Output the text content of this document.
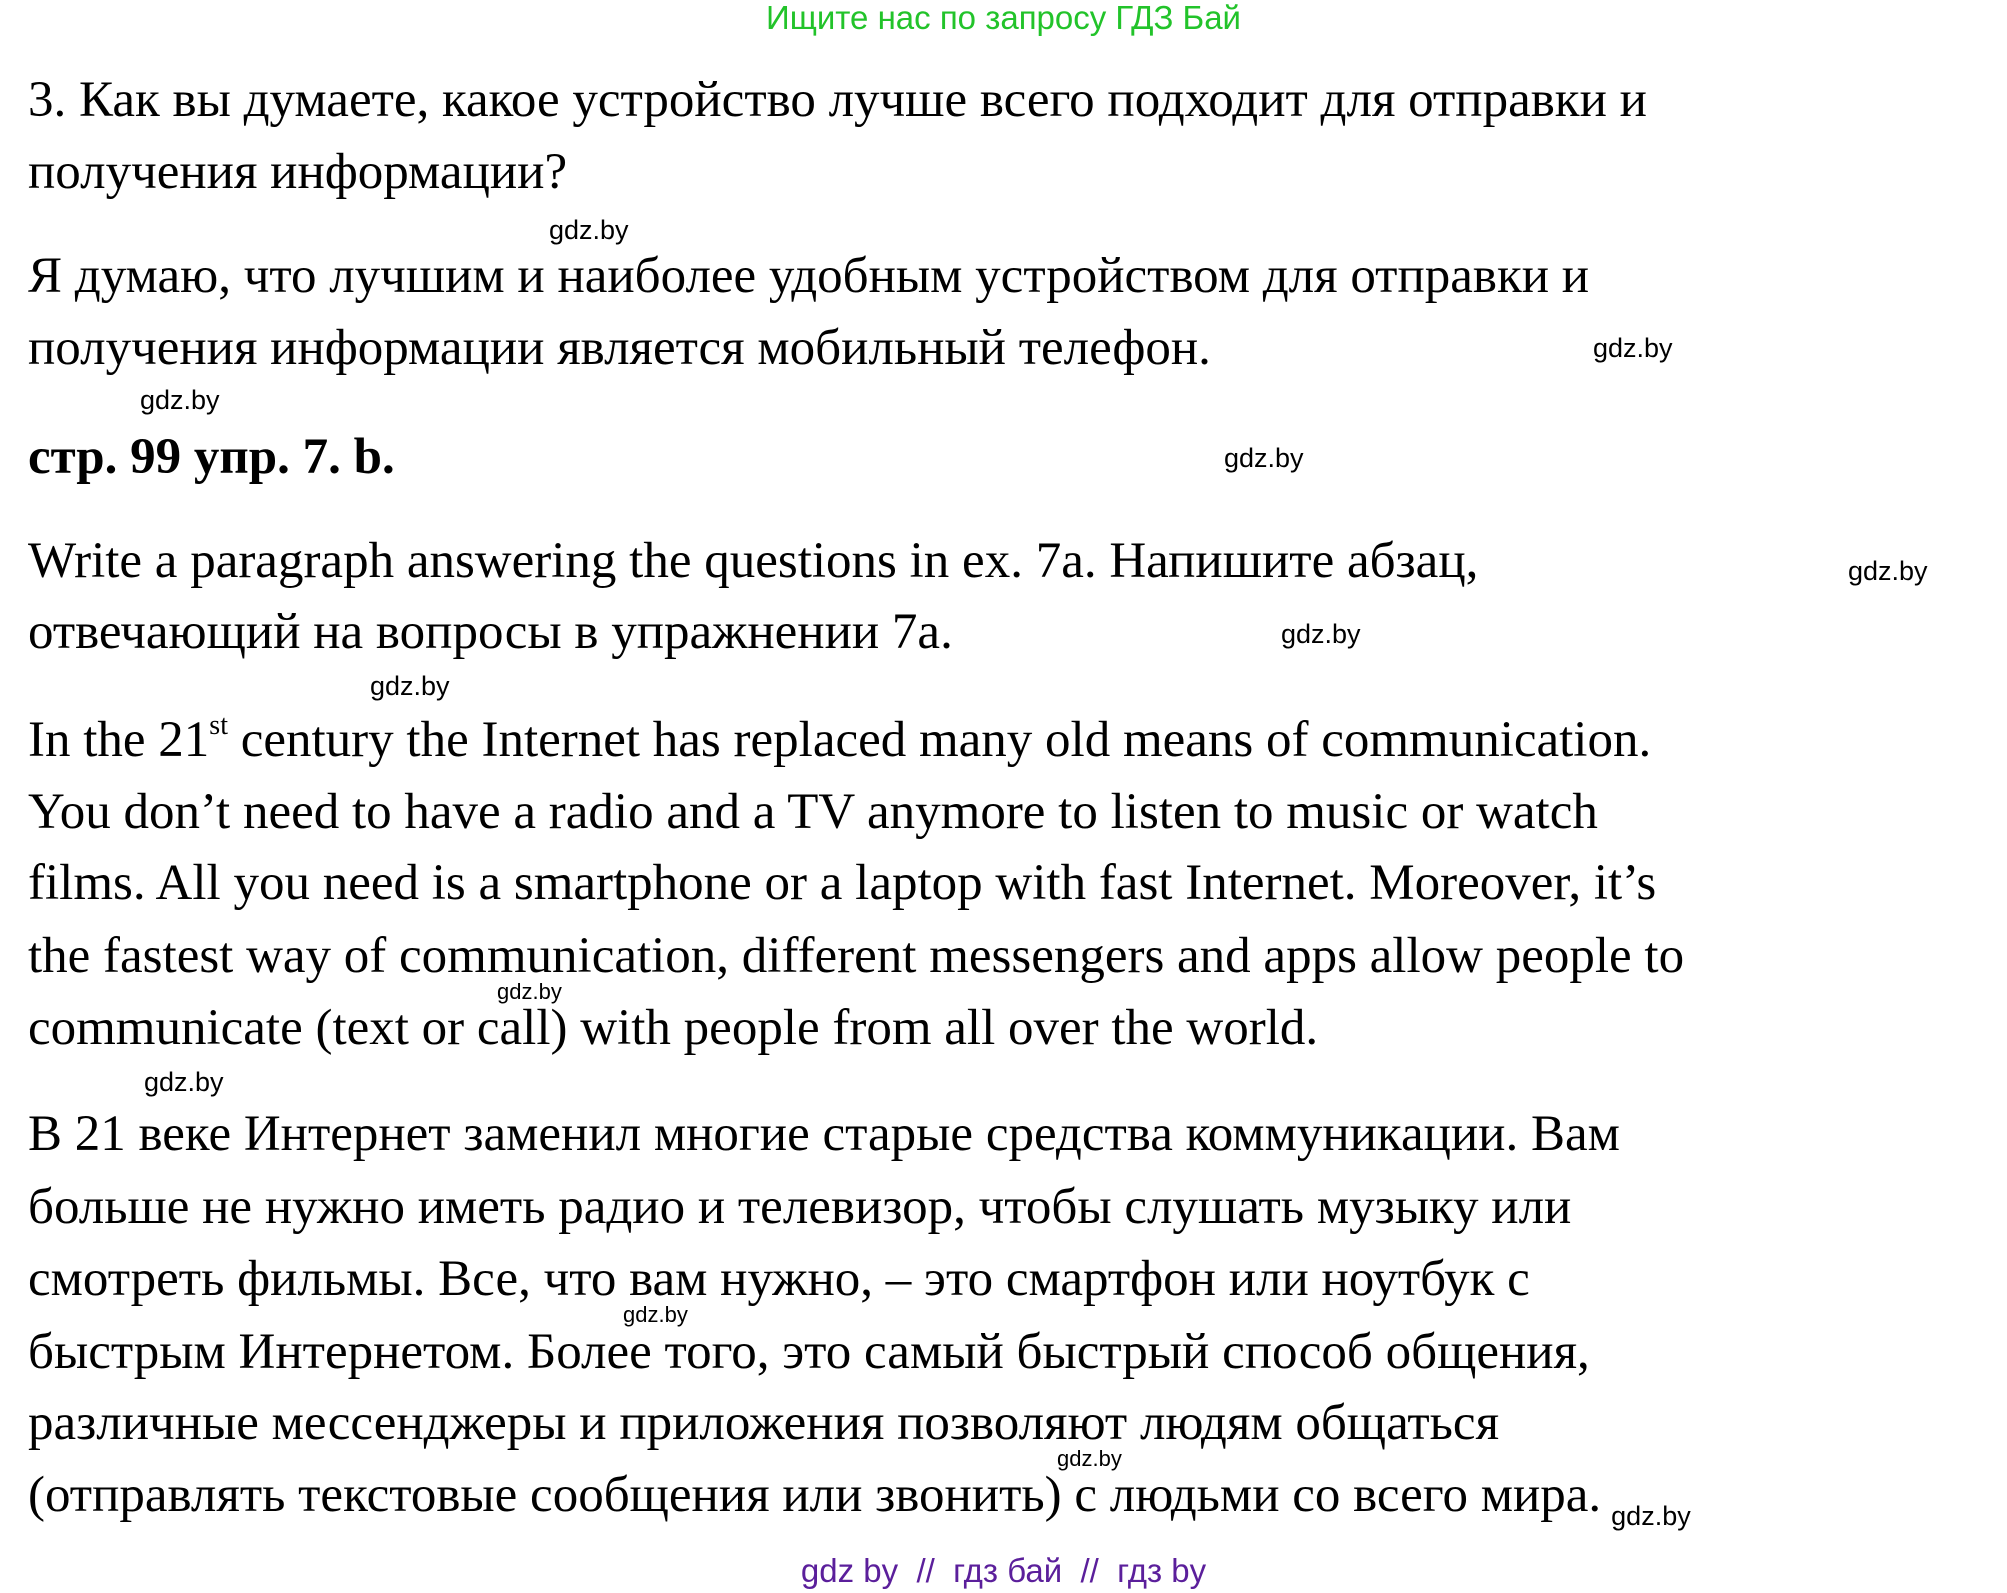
Ищите нас по запросу ГДЗ Бай
3. Как вы думаете, какое устройство лучше всего подходит для отправки и
получения информации?
Я думаю, что лучшим и наиболее удобным устройством для отправки и
получения информации является мобильный телефон.
стр. 99 упр. 7. b.
Write a paragraph answering the questions in ex. 7a. Напишите абзац,
отвечающий на вопросы в упражнении 7а.
In the 21st century the Internet has replaced many old means of communication.
You don’t need to have a radio and a TV anymore to listen to music or watch
films. All you need is a smartphone or a laptop with fast Internet. Moreover, it’s
the fastest way of communication, different messengers and apps allow people to
communicate (text or call) with people from all over the world.
В 21 веке Интернет заменил многие старые средства коммуникации. Вам
больше не нужно иметь радио и телевизор, чтобы слушать музыку или
смотреть фильмы. Все, что вам нужно, – это смартфон или ноутбук с
быстрым Интернетом. Более того, это самый быстрый способ общения,
различные мессенджеры и приложения позволяют людям общаться
(отправлять текстовые сообщения или звонить) с людьми со всего мира. gdz.by
gdz.by
gdz.by
gdz.by
gdz.by
gdz.by
gdz.by
gdz.by
gdz.by
gdz.by
gdz.by
gdz.by
gdz by  //  гдз бай  //  гдз by
